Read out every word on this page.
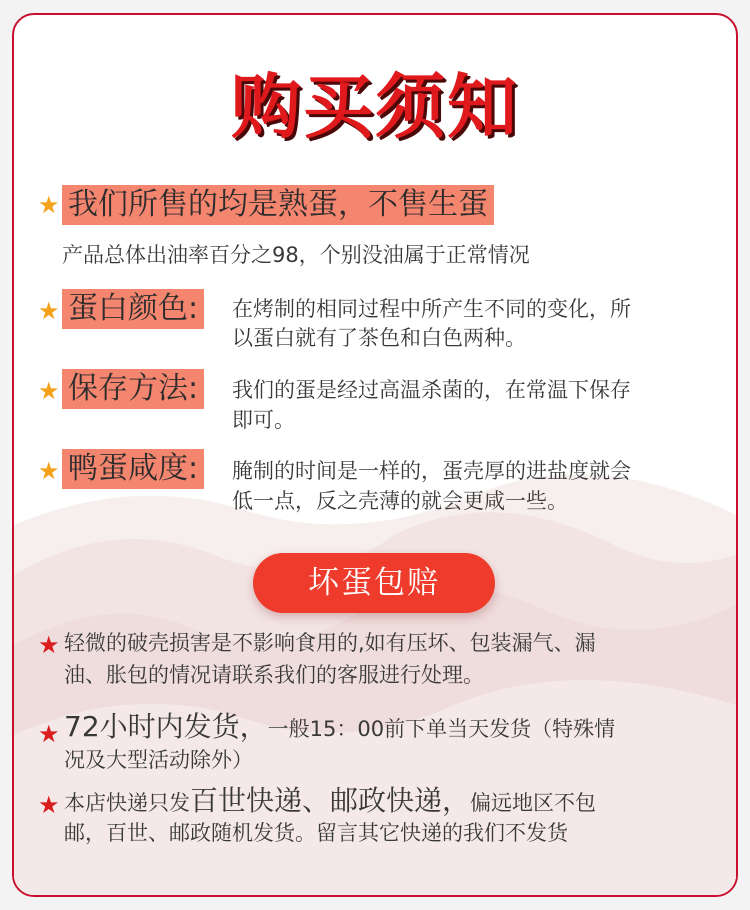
购买须知
★ 我们所售的均是熟蛋，不售生蛋
产品总体出油率百分之98，个别没油属于正常情况
★ 蛋白颜色: 在烤制的相同过程中所产生不同的变化，所
以蛋白就有了茶色和白色两种。
★ 保存方法: 我们的蛋是经过高温杀菌的，在常温下保存
即可。
★ 鸭蛋咸度: 腌制的时间是一样的，蛋壳厚的进盐度就会
低一点，反之壳薄的就会更咸一些。
坏蛋包赔
★ 轻微的破壳损害是不影响食用的,如有压坏、包装漏气、漏
油、胀包的情况请联系我们的客服进行处理。
★ 72小时内发货，一般15：00前下单当天发货（特殊情
况及大型活动除外）
★ 本店快递只发百世快递、邮政快递，偏远地区不包
邮，百世、邮政随机发货。留言其它快递的我们不发货
